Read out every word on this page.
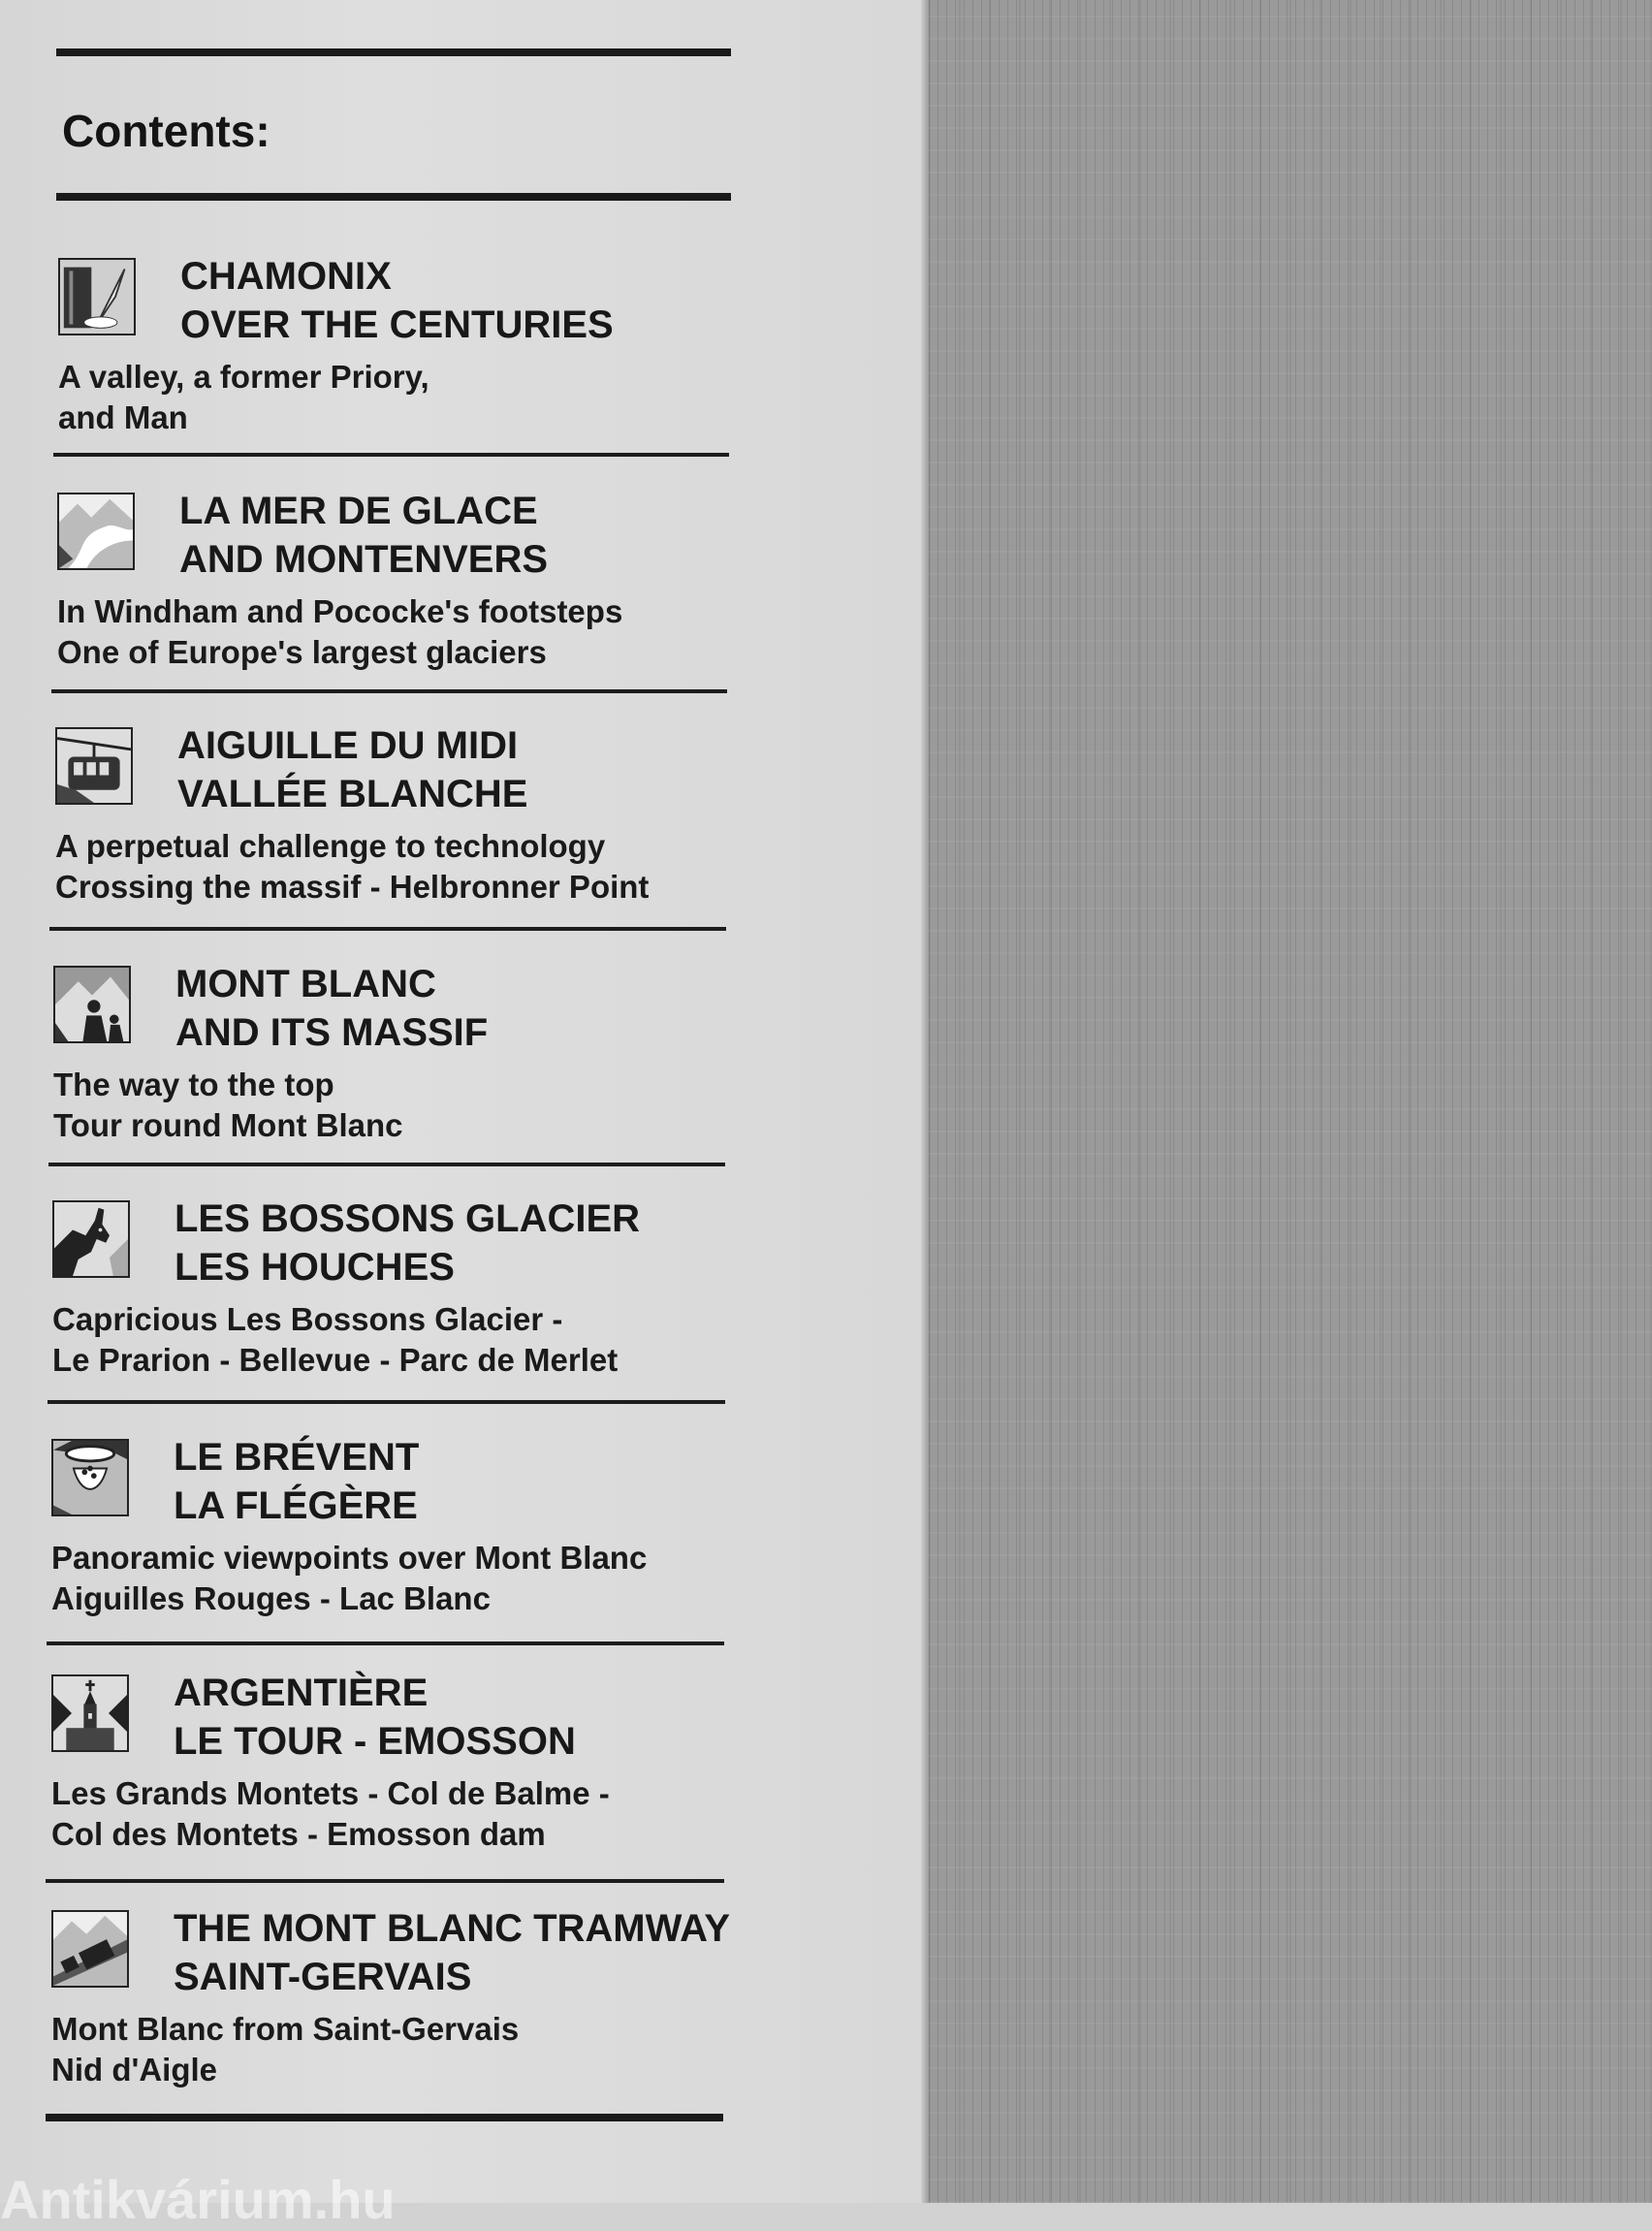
Contents:
CHAMONIX
OVER THE CENTURIES
A valley, a former Priory,
and Man
LA MER DE GLACE
AND MONTENVERS
In Windham and Pococke's footsteps
One of Europe's largest glaciers
AIGUILLE DU MIDI
VALLÉE BLANCHE
A perpetual challenge to technology
Crossing the massif - Helbronner Point
MONT BLANC
AND ITS MASSIF
The way to the top
Tour round Mont Blanc
LES BOSSONS GLACIER
LES HOUCHES
Capricious Les Bossons Glacier -
Le Prarion - Bellevue - Parc de Merlet
LE BRÉVENT
LA FLÉGÈRE
Panoramic viewpoints over Mont Blanc
Aiguilles Rouges - Lac Blanc
ARGENTIÈRE
LE TOUR - EMOSSON
Les Grands Montets - Col de Balme -
Col des Montets - Emosson dam
THE MONT BLANC TRAMWAY
SAINT-GERVAIS
Mont Blanc from Saint-Gervais
Nid d'Aigle
Antikvárium.hu
